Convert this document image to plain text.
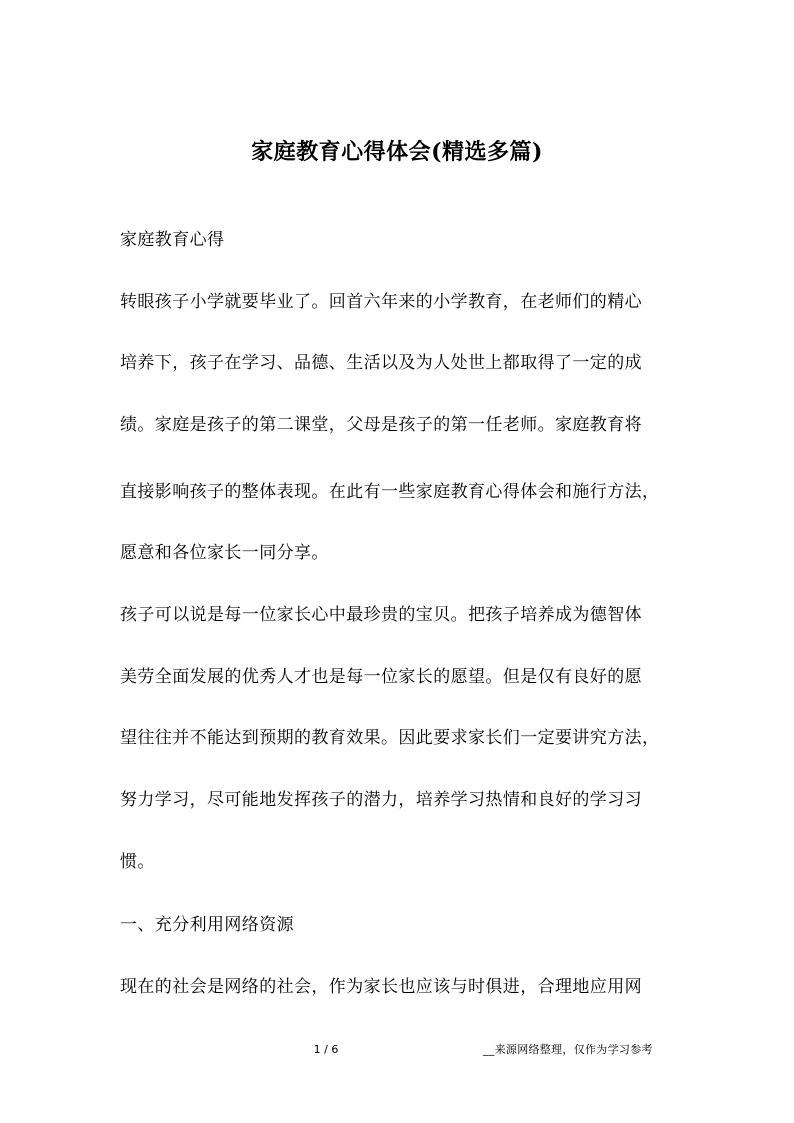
家庭教育心得体会(精选多篇)
家庭教育心得
转眼孩子小学就要毕业了。回首六年来的小学教育，在老师们的精心
培养下，孩子在学习、品德、生活以及为人处世上都取得了一定的成
绩。家庭是孩子的第二课堂，父母是孩子的第一任老师。家庭教育将
直接影响孩子的整体表现。在此有一些家庭教育心得体会和施行方法，
愿意和各位家长一同分享。
孩子可以说是每一位家长心中最珍贵的宝贝。把孩子培养成为德智体
美劳全面发展的优秀人才也是每一位家长的愿望。但是仅有良好的愿
望往往并不能达到预期的教育效果。因此要求家长们一定要讲究方法，
努力学习，尽可能地发挥孩子的潜力，培养学习热情和良好的学习习
惯。
一、充分利用网络资源
现在的社会是网络的社会，作为家长也应该与时俱进，合理地应用网
1 / 6	__来源网络整理，仅作为学习参考
